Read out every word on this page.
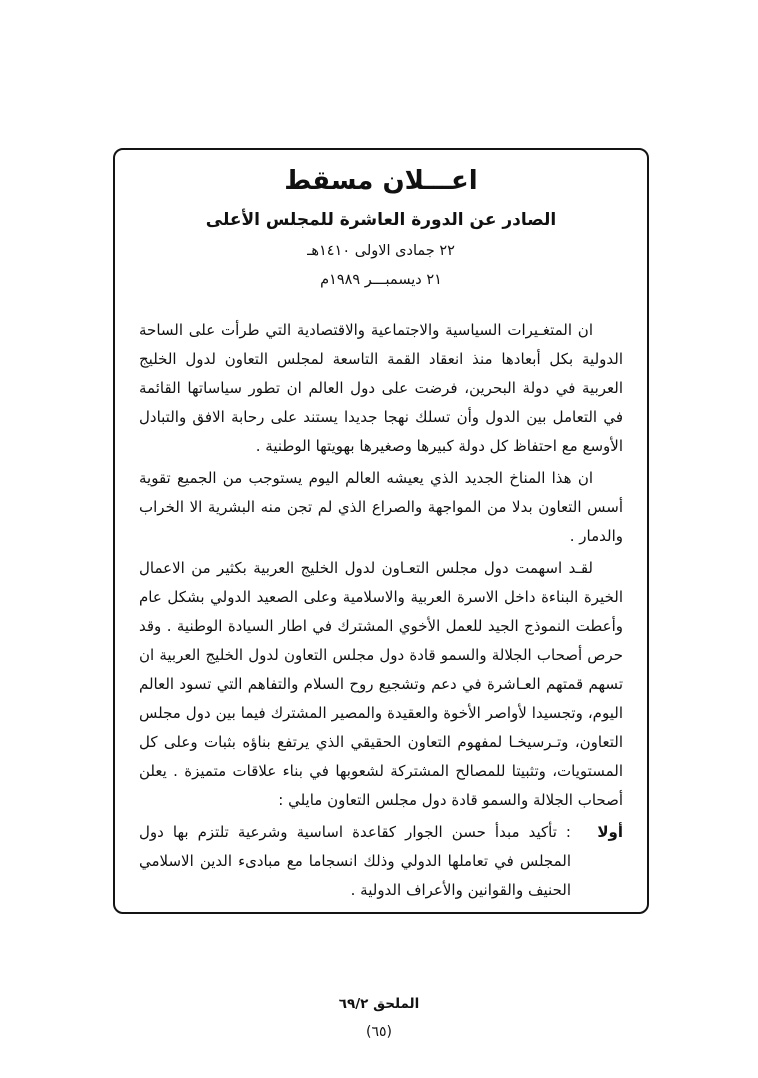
اعـــلان مسقط
الصادر عن الدورة العاشرة للمجلس الأعلى
٢٢ جمادى الاولى ١٤١٠هـ
٢١ ديسمبـــر ١٩٨٩م

ان المتغـيرات السياسية والاجتماعية والاقتصادية التي طرأت على الساحة الدولية بكل أبعادها منذ انعقاد القمة التاسعة لمجلس التعاون لدول الخليج العربية في دولة البحرين، فرضت على دول العالم ان تطور سياساتها القائمة في التعامل بين الدول وأن تسلك نهجا جديدا يستند على رحابة الافق والتبادل الأوسع مع احتفاظ كل دولة كبيرها وصغيرها بهويتها الوطنية .

ان هذا المناخ الجديد الذي يعيشه العالم اليوم يستوجب من الجميع تقوية أسس التعاون بدلا من المواجهة والصراع الذي لم تجن منه البشرية الا الخراب والدمار .

لقـد اسهمت دول مجلس التعـاون لدول الخليج العربية بكثير من الاعمال الخيرة البناءة داخل الاسرة العربية والاسلامية وعلى الصعيد الدولي بشكل عام وأعطت النموذج الجيد للعمل الأخوي المشترك في اطار السيادة الوطنية . وقد حرص أصحاب الجلالة والسمو قادة دول مجلس التعاون لدول الخليج العربية ان تسهم قمتهم العـاشرة في دعم وتشجيع روح السلام والتفاهم التي تسود العالم اليوم، وتجسيدا لأواصر الأخوة والعقيدة والمصير المشترك فيما بين دول مجلس التعاون، وتـرسيخـا لمفهوم التعاون الحقيقي الذي يرتفع بناؤه بثبات وعلى كل المستويات، وتثبيتا للمصالح المشتركة لشعوبها في بناء علاقات متميزة . يعلن أصحاب الجلالة والسمو قادة دول مجلس التعاون مايلي :

أولا
: تأكيد مبدأ حسن الجوار كقاعدة اساسية وشرعية تلتزم بها دول المجلس في تعاملها الدولي وذلك انسجاما مع مبادىء الدين الاسلامي الحنيف والقوانين والأعراف الدولية .
الملحق ٦٩/٢
(٦٥)
